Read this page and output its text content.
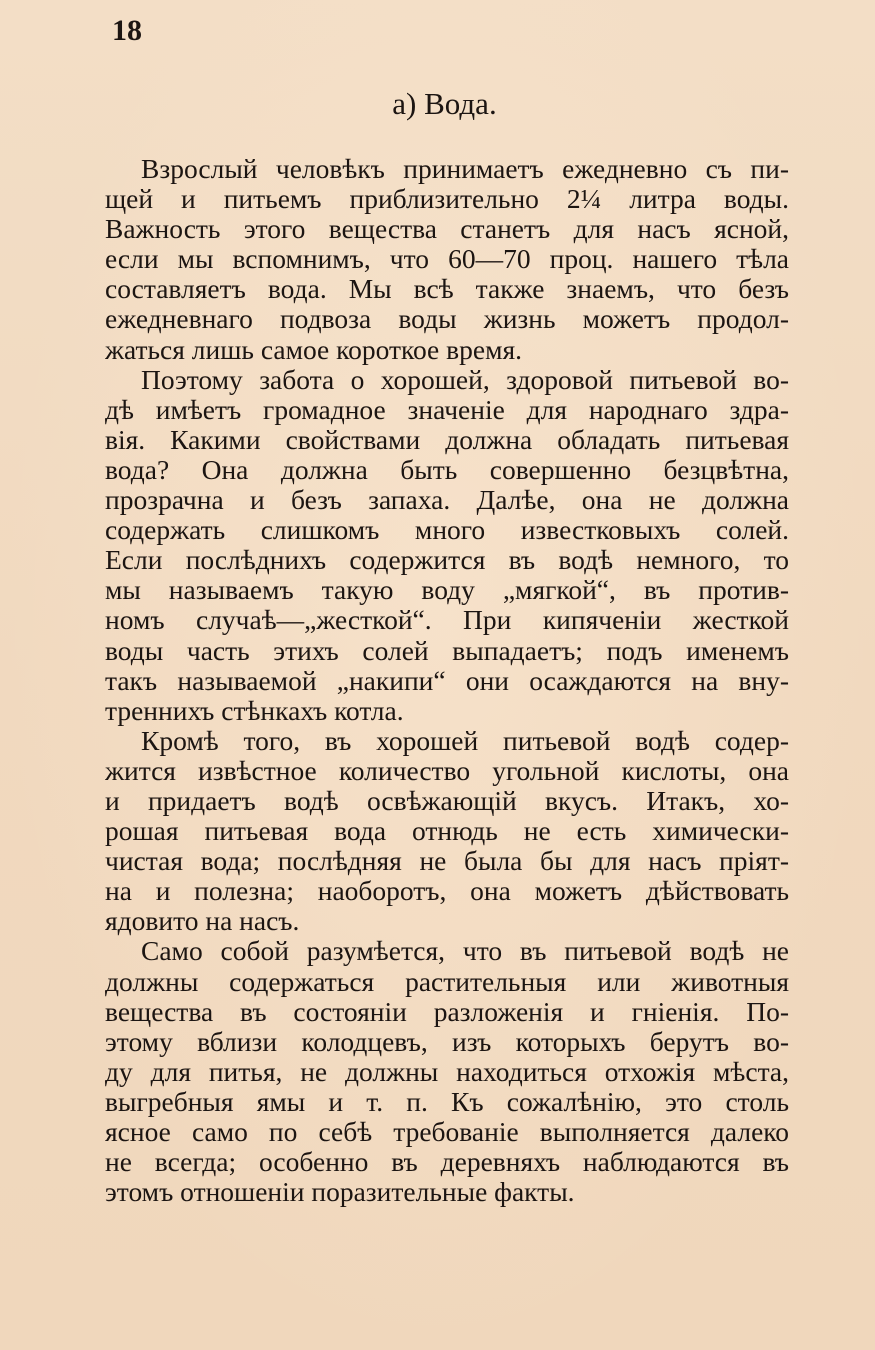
18
а) Вода.
Взрослый человѣкъ принимаетъ ежедневно съ пи-
щей и питьемъ приблизительно 2¼ литра воды.
Важность этого вещества станетъ для насъ ясной,
если мы вспомнимъ, что 60—70 проц. нашего тѣла
составляетъ вода. Мы всѣ также знаемъ, что безъ
ежедневнаго подвоза воды жизнь можетъ продол-
жаться лишь самое короткое время.
Поэтому забота о хорошей, здоровой питьевой во-
дѣ имѣетъ громадное значеніе для народнаго здра-
вія. Какими свойствами должна обладать питьевая
вода? Она должна быть совершенно безцвѣтна,
прозрачна и безъ запаха. Далѣе, она не должна
содержать слишкомъ много известковыхъ солей.
Если послѣднихъ содержится въ водѣ немного, то
мы называемъ такую воду „мягкой“, въ против-
номъ случаѣ—„жесткой“. При кипяченіи жесткой
воды часть этихъ солей выпадаетъ; подъ именемъ
такъ называемой „накипи“ они осаждаются на вну-
треннихъ стѣнкахъ котла.
Кромѣ того, въ хорошей питьевой водѣ содер-
жится извѣстное количество угольной кислоты, она
и придаетъ водѣ освѣжающій вкусъ. Итакъ, хо-
рошая питьевая вода отнюдь не есть химически-
чистая вода; послѣдняя не была бы для насъ пріят-
на и полезна; наоборотъ, она можетъ дѣйствовать
ядовито на насъ.
Само собой разумѣется, что въ питьевой водѣ не
должны содержаться растительныя или животныя
вещества въ состояніи разложенія и гніенія. По-
этому вблизи колодцевъ, изъ которыхъ берутъ во-
ду для питья, не должны находиться отхожія мѣста,
выгребныя ямы и т. п. Къ сожалѣнію, это столь
ясное само по себѣ требованіе выполняется далеко
не всегда; особенно въ деревняхъ наблюдаются въ
этомъ отношеніи поразительные факты.
